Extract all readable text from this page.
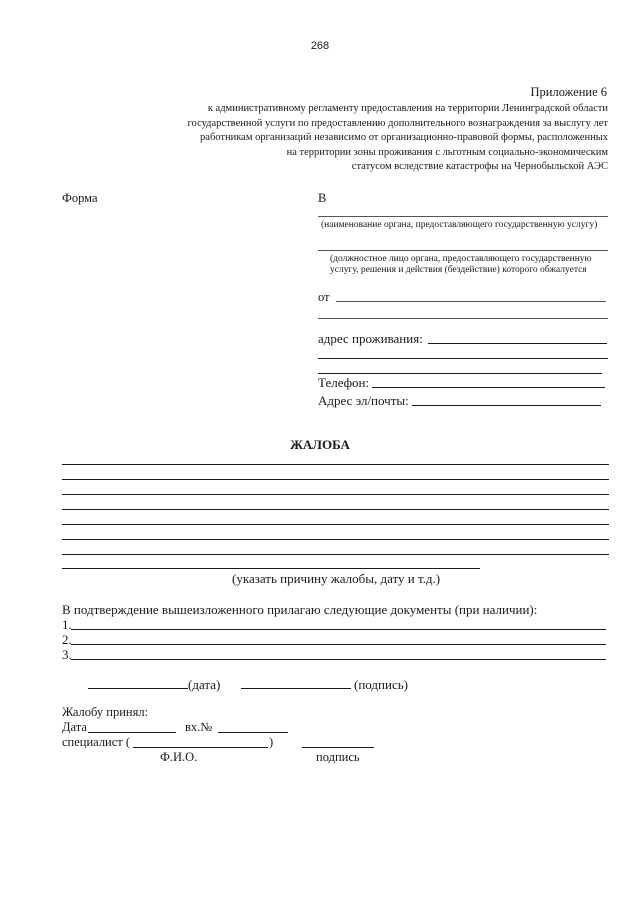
268
Приложение 6
к административному регламенту предоставления на территории Ленинградской области
государственной услуги по предоставлению дополнительного вознаграждения за выслугу лет
работникам организаций независимо от организационно-правовой формы, расположенных
на территории зоны проживания с льготным социально-экономическим
статусом вследствие катастрофы на Чернобыльской АЭС
Форма	В
(наименование органа, предоставляющего государственную услугу)
(должностное лицо органа, предоставляющего государственную
услугу, решения и действия (бездействие) которого обжалуется
от
адрес проживания:
Телефон:
Адрес эл/почты:
ЖАЛОБА
(указать причину жалобы, дату и т.д.)
В подтверждение вышеизложенного прилагаю следующие документы (при наличии):
1.
2.
3.
(дата)	(подпись)
Жалобу принял:
Дата	вх.№
специалист (	)
Ф.И.О.	подпись
